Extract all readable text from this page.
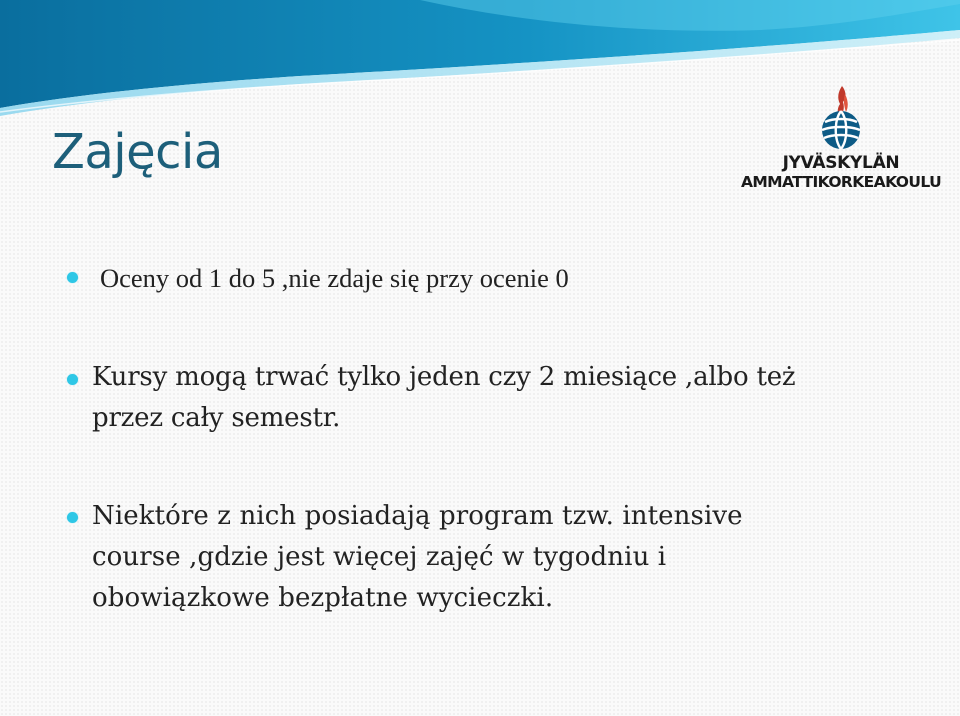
Zajęcia	JYVÄSKYLÄN
AMMATTIKORKEAKOULU
Oceny od 1 do 5 ,nie zdaje się przy ocenie 0
Kursy mogą trwać tylko jeden czy 2 miesiące ,albo też
przez cały semestr.
Niektóre z nich posiadają program tzw. intensive
course ,gdzie jest więcej zajęć w tygodniu i
obowiązkowe bezpłatne wycieczki.
